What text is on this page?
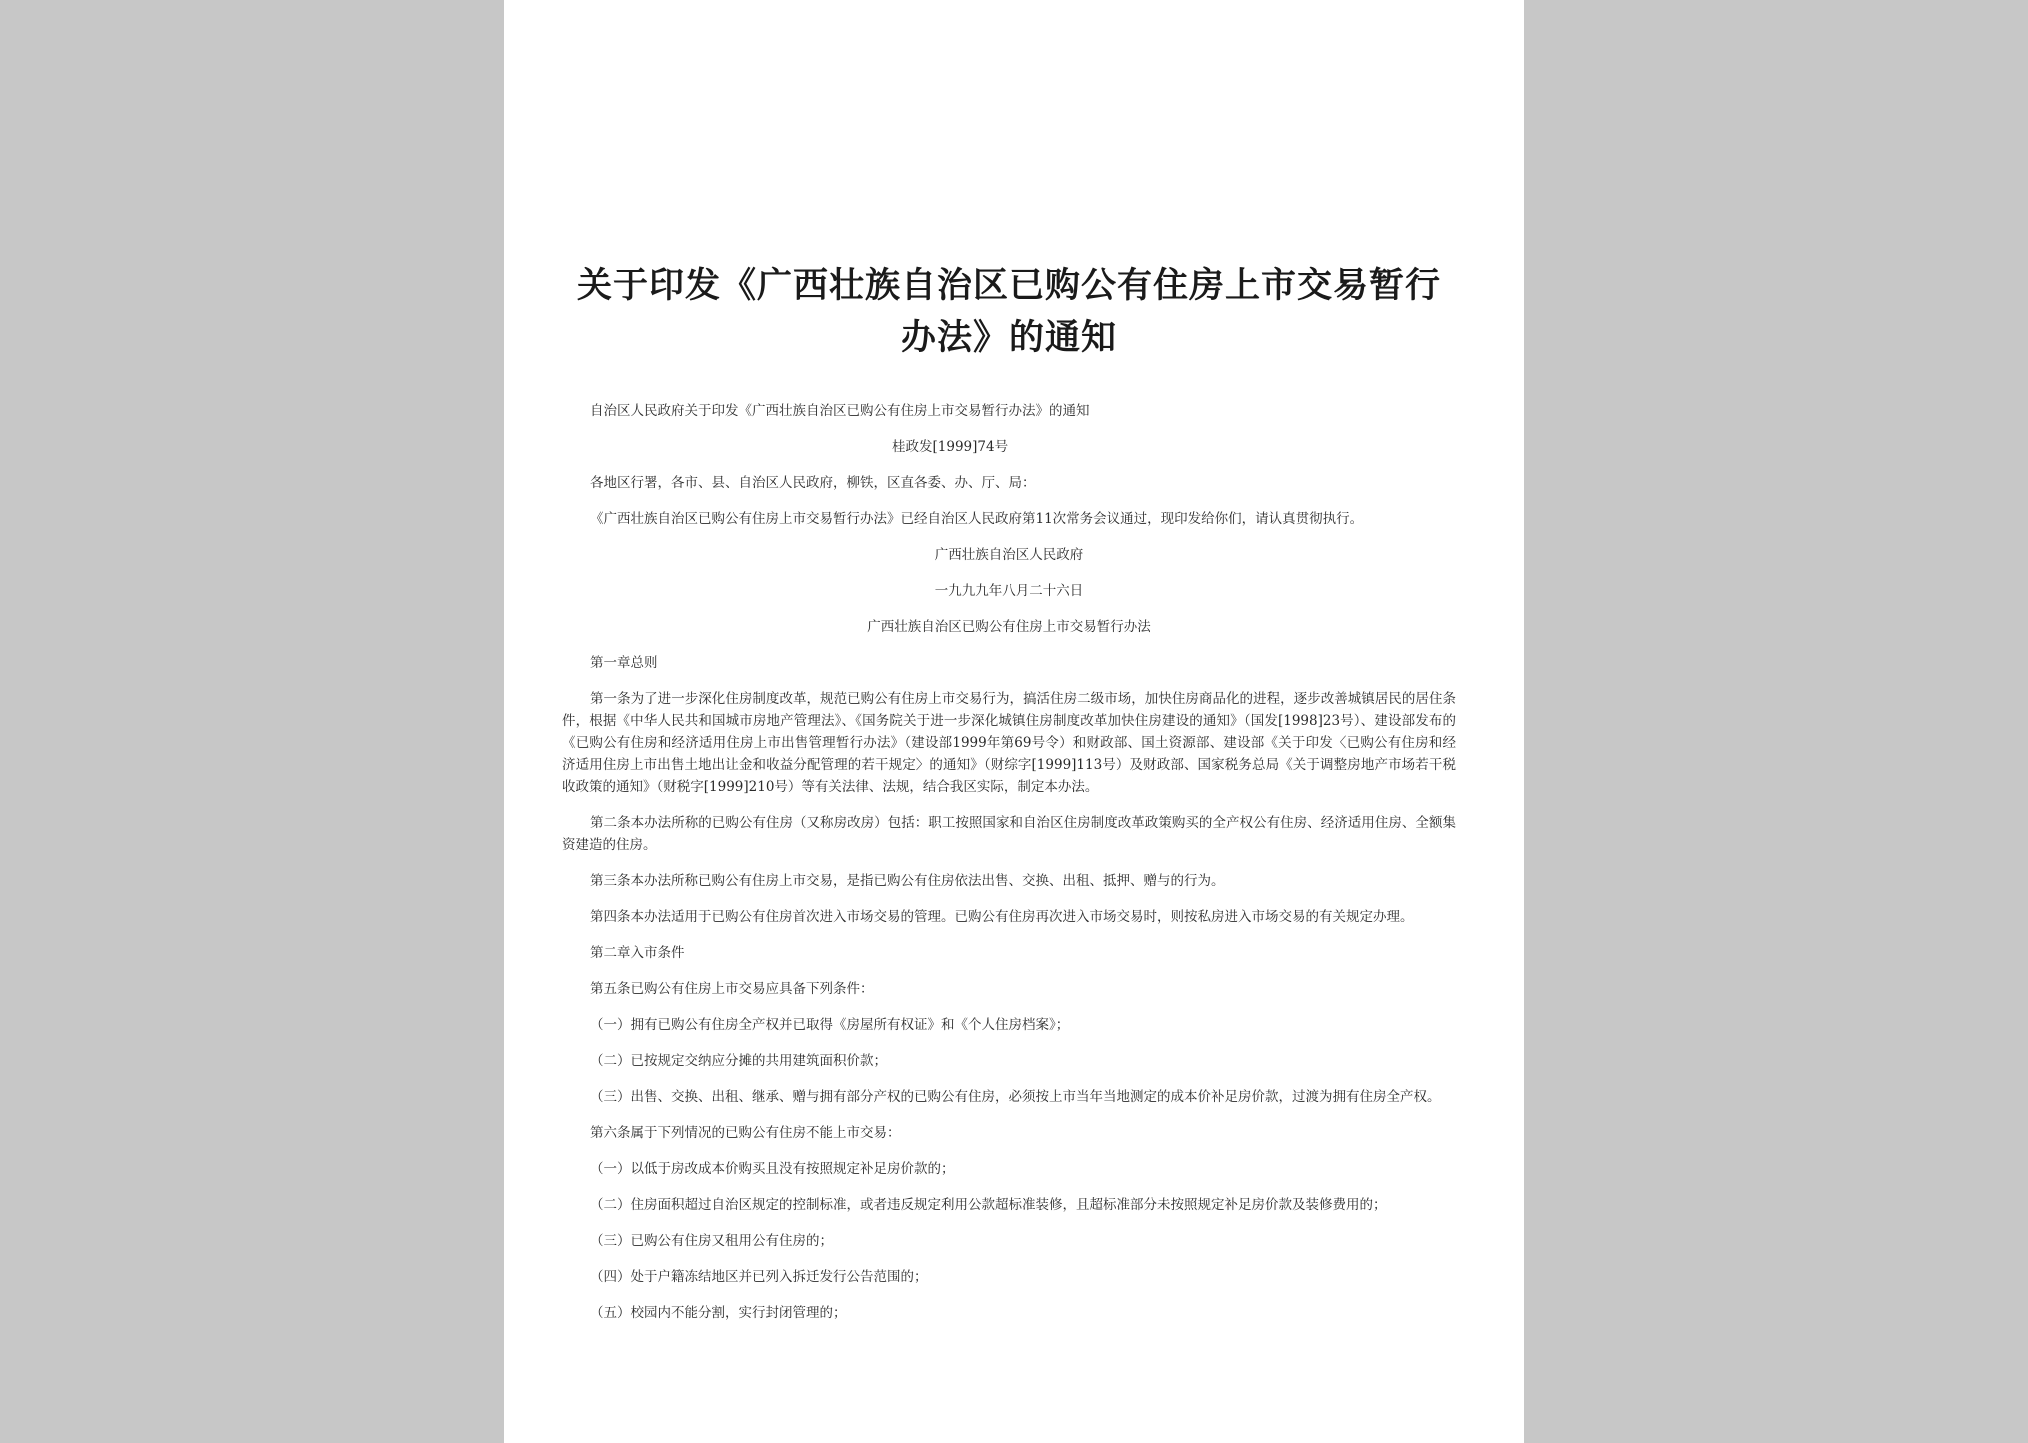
关于印发《广西壮族自治区已购公有住房上市交易暂行办法》的通知

自治区人民政府关于印发《广西壮族自治区已购公有住房上市交易暂行办法》的通知

桂政发[1999]74号

各地区行署，各市、县、自治区人民政府，柳铁，区直各委、办、厅、局：

《广西壮族自治区已购公有住房上市交易暂行办法》已经自治区人民政府第11次常务会议通过，现印发给你们，请认真贯彻执行。

广西壮族自治区人民政府

一九九九年八月二十六日

广西壮族自治区已购公有住房上市交易暂行办法

第一章总则

第一条为了进一步深化住房制度改革，规范已购公有住房上市交易行为，搞活住房二级市场，加快住房商品化的进程，逐步改善城镇居民的居住条件，根据《中华人民共和国城市房地产管理法》、《国务院关于进一步深化城镇住房制度改革加快住房建设的通知》（国发[1998]23号）、建设部发布的《已购公有住房和经济适用住房上市出售管理暂行办法》（建设部1999年第69号令）和财政部、国土资源部、建设部《关于印发〈已购公有住房和经济适用住房上市出售土地出让金和收益分配管理的若干规定〉的通知》（财综字[1999]113号）及财政部、国家税务总局《关于调整房地产市场若干税收政策的通知》（财税字[1999]210号）等有关法律、法规，结合我区实际，制定本办法。

第二条本办法所称的已购公有住房（又称房改房）包括：职工按照国家和自治区住房制度改革政策购买的全产权公有住房、经济适用住房、全额集资建造的住房。

第三条本办法所称已购公有住房上市交易，是指已购公有住房依法出售、交换、出租、抵押、赠与的行为。

第四条本办法适用于已购公有住房首次进入市场交易的管理。已购公有住房再次进入市场交易时，则按私房进入市场交易的有关规定办理。

第二章入市条件

第五条已购公有住房上市交易应具备下列条件：

（一）拥有已购公有住房全产权并已取得《房屋所有权证》和《个人住房档案》；

（二）已按规定交纳应分摊的共用建筑面积价款；

（三）出售、交换、出租、继承、赠与拥有部分产权的已购公有住房，必须按上市当年当地测定的成本价补足房价款，过渡为拥有住房全产权。

第六条属于下列情况的已购公有住房不能上市交易：

（一）以低于房改成本价购买且没有按照规定补足房价款的；

（二）住房面积超过自治区规定的控制标准，或者违反规定利用公款超标准装修，且超标准部分未按照规定补足房价款及装修费用的；

（三）已购公有住房又租用公有住房的；

（四）处于户籍冻结地区并已列入拆迁发行公告范围的；

（五）校园内不能分割，实行封闭管理的；
